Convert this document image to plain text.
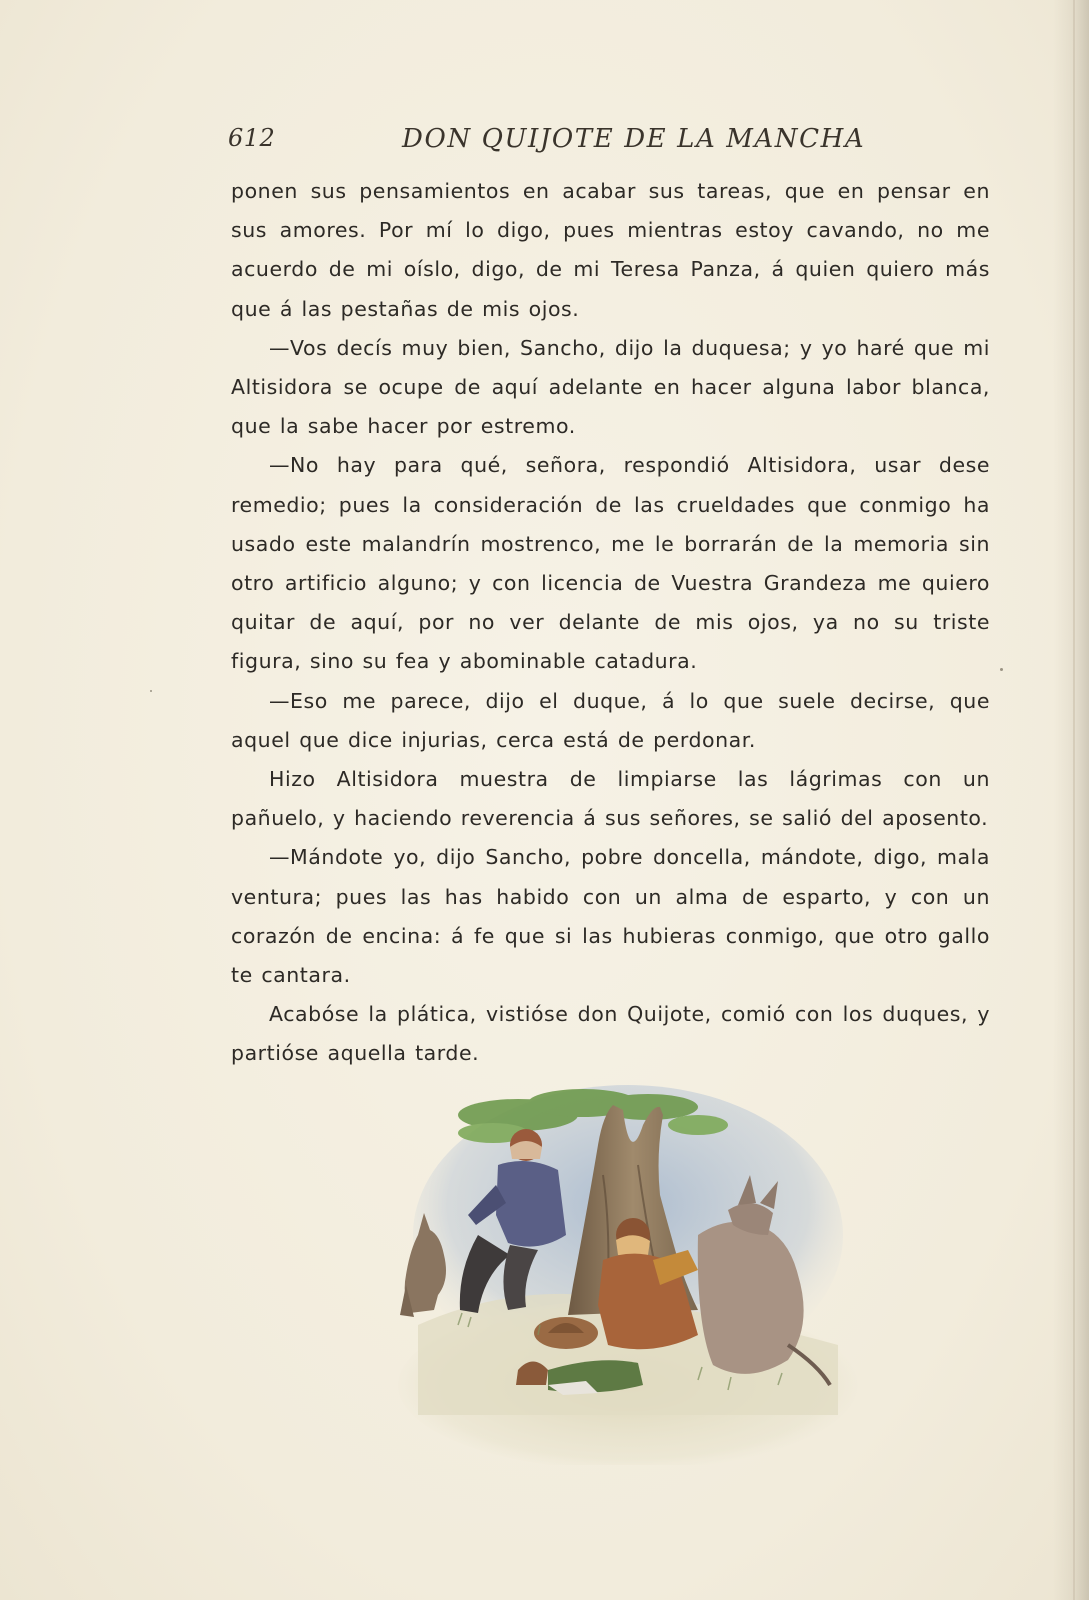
612	DON QUIJOTE DE LA MANCHA

ponen sus pensamientos en acabar sus tareas, que en pensar en sus amores. Por mí lo digo, pues mientras estoy cavando, no me acuerdo de mi oíslo, digo, de mi Teresa Panza, á quien quiero más que á las pestañas de mis ojos.

—Vos decís muy bien, Sancho, dijo la duquesa; y yo haré que mi Altisidora se ocupe de aquí adelante en hacer alguna labor blanca, que la sabe hacer por estremo.

—No hay para qué, señora, respondió Altisidora, usar dese remedio; pues la consideración de las crueldades que conmigo ha usado este malandrín mostrenco, me le borrarán de la memoria sin otro artificio alguno; y con licencia de Vuestra Grandeza me quiero quitar de aquí, por no ver delante de mis ojos, ya no su triste figura, sino su fea y abominable catadura.

—Eso me parece, dijo el duque, á lo que suele decirse, que aquel que dice injurias, cerca está de perdonar.

Hizo Altisidora muestra de limpiarse las lágrimas con un pañuelo, y haciendo reverencia á sus señores, se salió del aposento.

—Mándote yo, dijo Sancho, pobre doncella, mándote, digo, mala ventura; pues las has habido con un alma de esparto, y con un corazón de encina: á fe que si las hubieras conmigo, que otro gallo te cantara.

Acabóse la plática, vistióse don Quijote, comió con los duques, y partióse aquella tarde.
